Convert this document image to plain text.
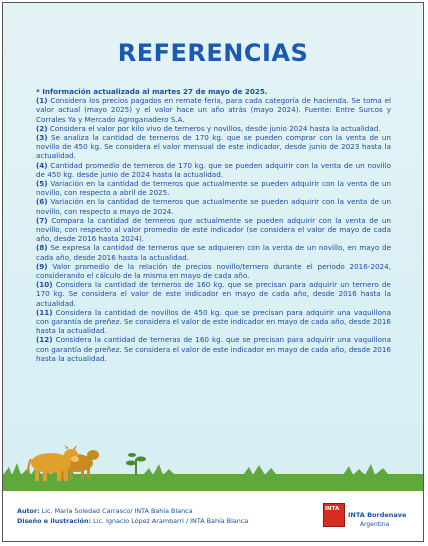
REFERENCIAS

* Información actualizada al martes 27 de mayo de 2025.

(1) Considera los precios pagados en remate feria, para cada categoría de hacienda. Se toma el valor actual (mayo 2025) y el valor hace un año atrás (mayo 2024). Fuente: Entre Surcos y Corrales Ya y Mercado Agroganadero S.A.

(2) Considera el valor por kilo vivo de terneros y novillos, desde junio 2024 hasta la actualidad.

(3) Se analiza la cantidad de terneros de 170 kg. que se pueden comprar con la venta de un novillo de 450 kg. Se considera el valor mensual de este indicador, desde junio de 2023 hasta la actualidad.

(4) Cantidad promedio de terneros de 170 kg. que se pueden adquirir con la venta de un novillo de 450 kg. desde junio de 2024 hasta la actualidad.

(5) Variación en la cantidad de terneros que actualmente se pueden adquirir con la venta de un novillo, con respecto a abril de 2025.

(6) Variación en la cantidad de terneros que actualmente se pueden adquirir con la venta de un novillo, con respecto a mayo de 2024.

(7) Compara la cantidad de terneros que actualmente se pueden adquirir con la venta de un novillo, con respecto al valor promedio de este indicador (se considera el valor de mayo de cada año, desde 2016 hasta 2024).

(8) Se expresa la cantidad de terneros que se adquieren con la venta de un novillo, en mayo de cada año, desde 2016 hasta la actualidad.

(9) Valor promedio de la relación de precios novillo/ternero durante el periodo 2016-2024, considerando el cálculo de la misma en mayo de cada año.

(10) Considera la cantidad de terneros de 160 kg. que se precisan para adquirir un ternero de 170 kg. Se considera el valor de este indicador en mayo de cada año, desde 2016 hasta la actualidad.

(11) Considera la cantidad de novillos de 450 kg. que se precisan para adquirir una vaquillona con garantía de preñez. Se considera el valor de este indicador en mayo de cada año, desde 2016 hasta la actualidad.

(12) Considera la cantidad de terneras de 160 kg. que se precisan para adquirir una vaquillona con garantía de preñez. Se considera el valor de este indicador en mayo de cada año, desde 2016 hasta la actualidad.

Autor: Lic. María Soledad Carrasco/ INTA Bahía Blanca
Diseño e ilustración: Lic. Ignacio López Arambarri / INTA Bahía Blanca
INTA
INTA Bordenave
Argentina
